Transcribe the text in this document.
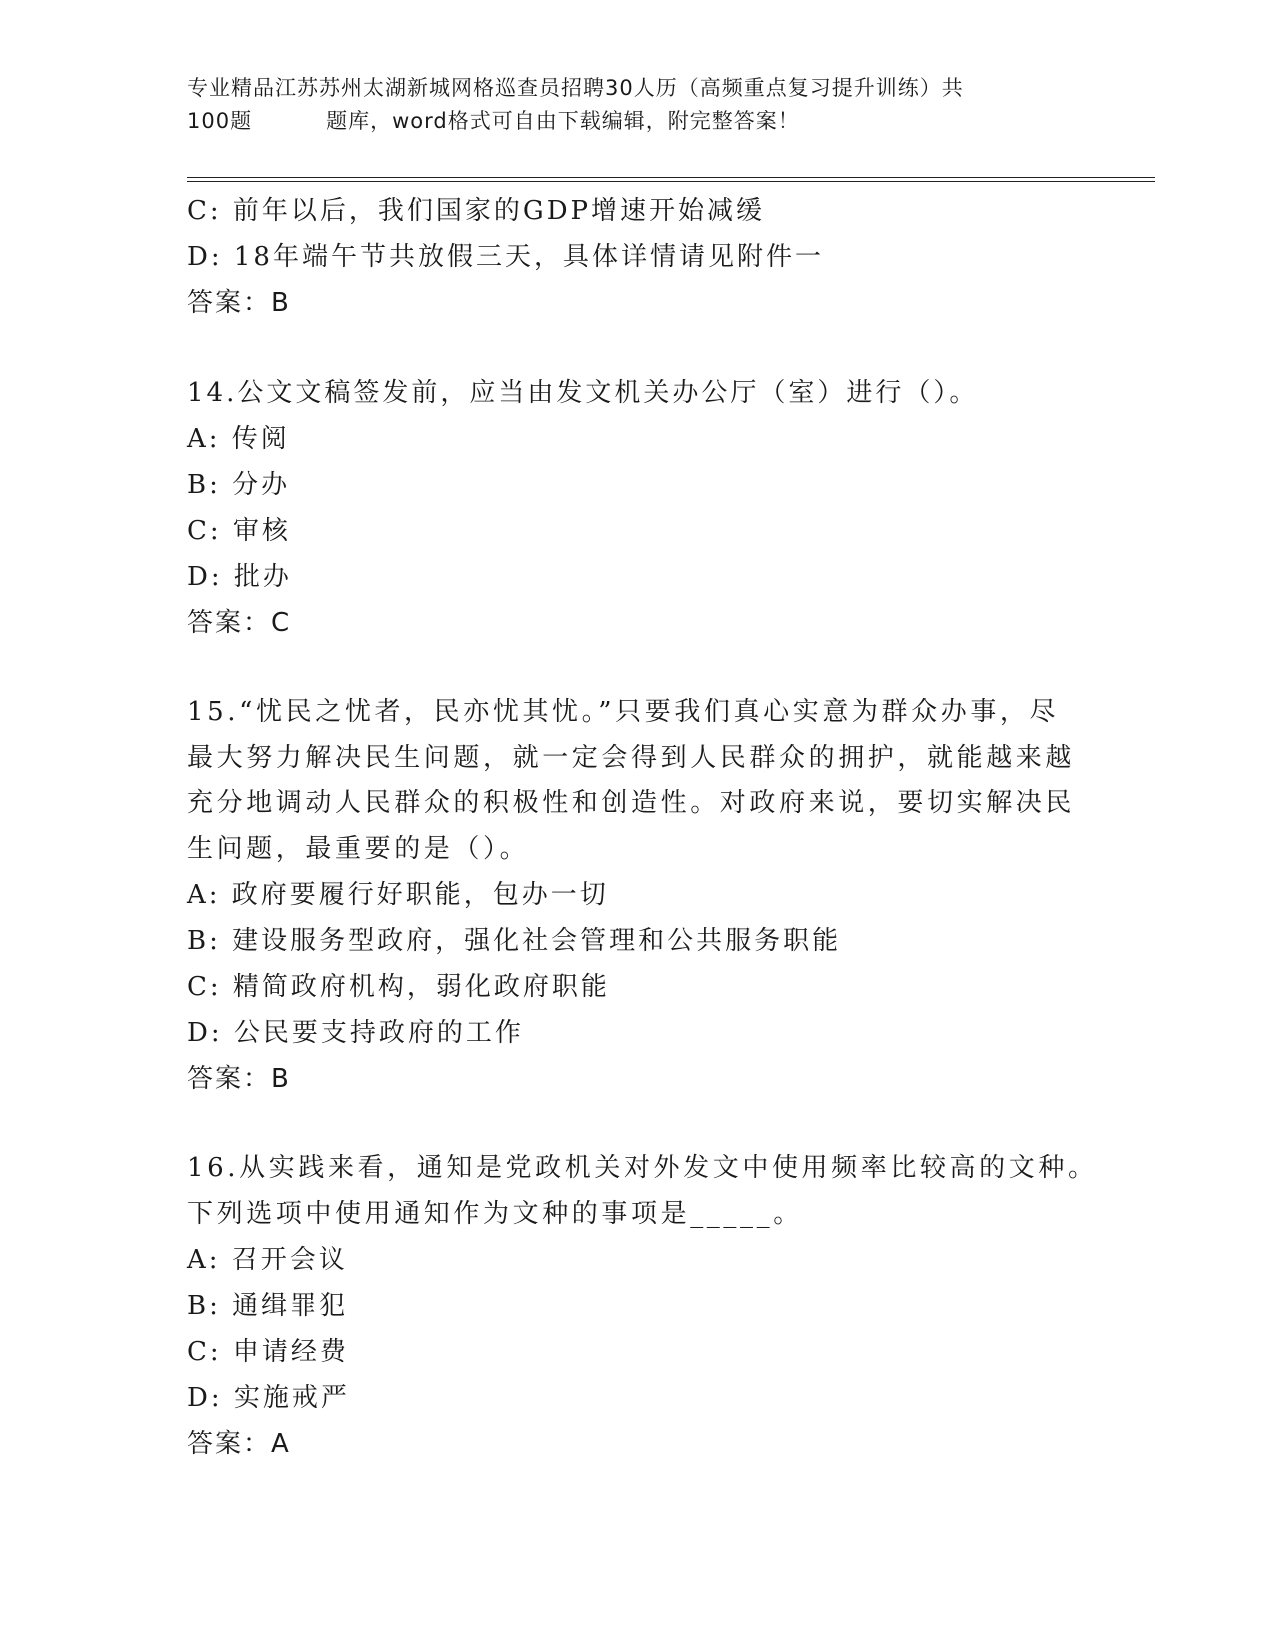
专业精品江苏苏州太湖新城网格巡查员招聘30人历（高频重点复习提升训练）共
100题	题库，word格式可自由下载编辑，附完整答案！
C: 前年以后，我们国家的GDP增速开始减缓
D: 18年端午节共放假三天，具体详情请见附件一
答案：B
14.公文文稿签发前，应当由发文机关办公厅（室）进行（）。
A: 传阅
B: 分办
C: 审核
D: 批办
答案：C
15.“忧民之忧者，民亦忧其忧。”只要我们真心实意为群众办事，尽
最大努力解决民生问题，就一定会得到人民群众的拥护，就能越来越
充分地调动人民群众的积极性和创造性。对政府来说，要切实解决民
生问题，最重要的是（）。
A: 政府要履行好职能，包办一切
B: 建设服务型政府，强化社会管理和公共服务职能
C: 精简政府机构，弱化政府职能
D: 公民要支持政府的工作
答案：B
16.从实践来看，通知是党政机关对外发文中使用频率比较高的文种。
下列选项中使用通知作为文种的事项是_____。
A: 召开会议
B: 通缉罪犯
C: 申请经费
D: 实施戒严
答案：A
